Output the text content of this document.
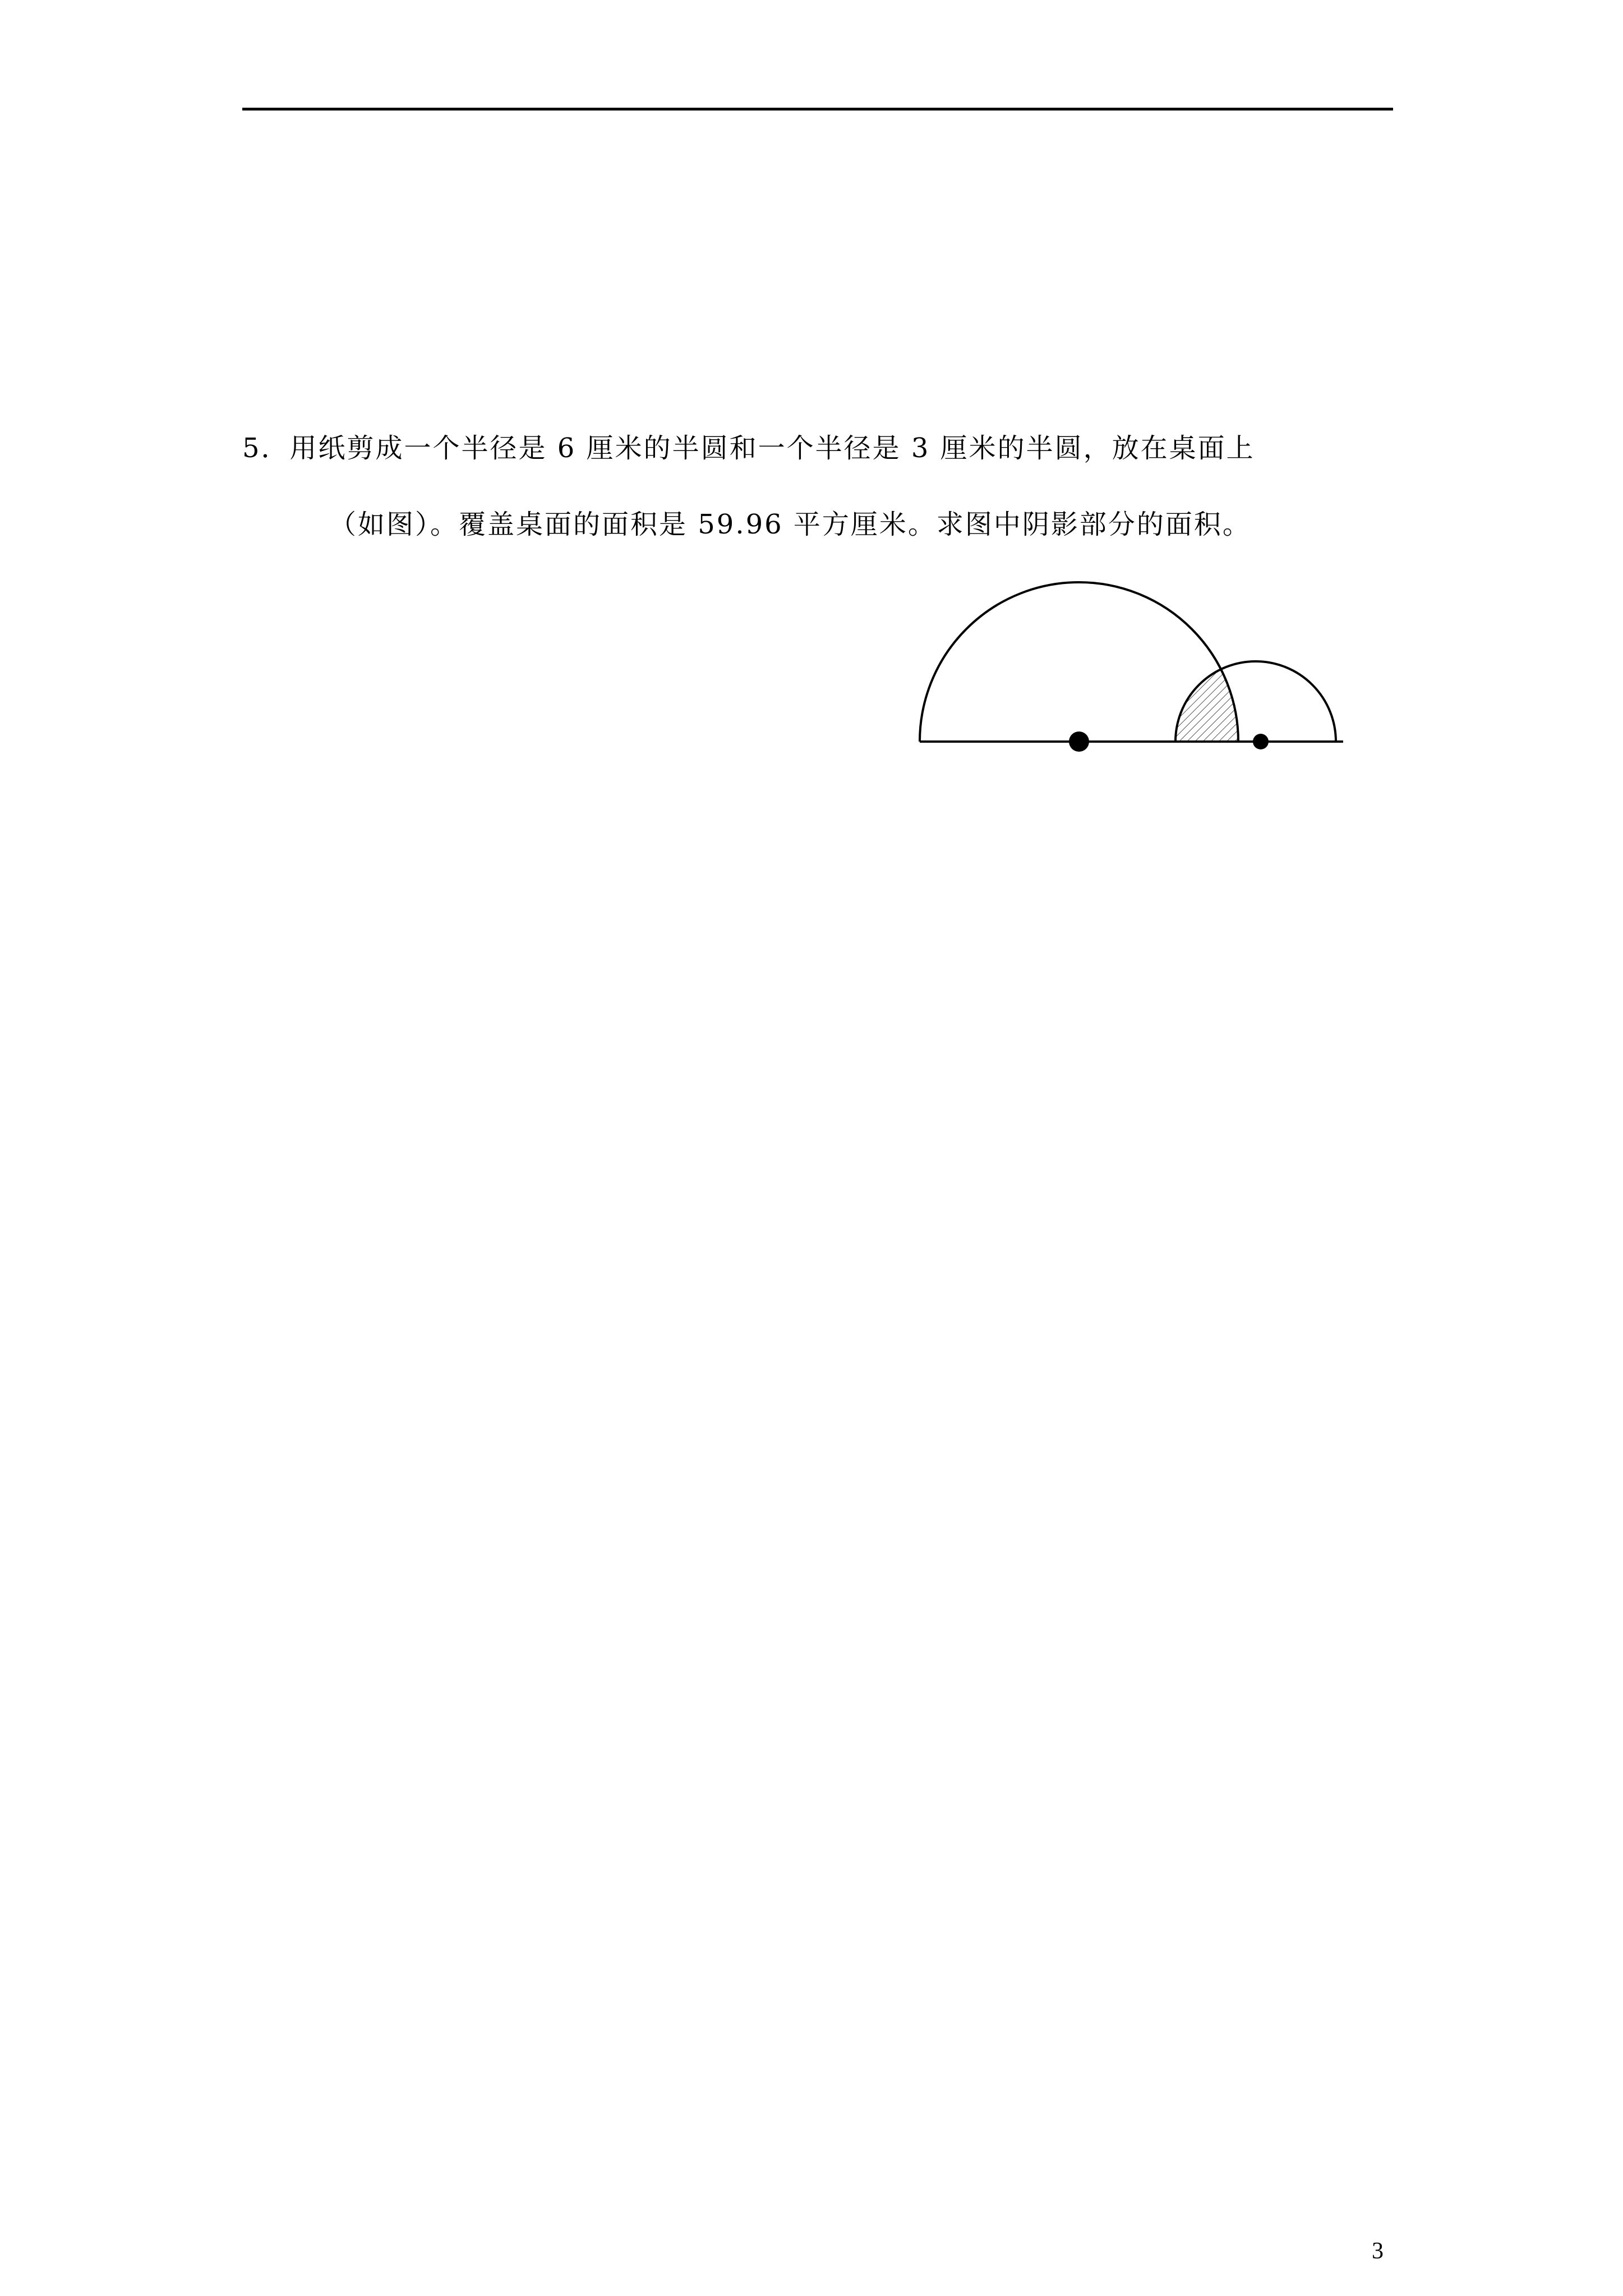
5．用纸剪成一个半径是 6 厘米的半圆和一个半径是 3 厘米的半圆，放在桌面上
（如图）。覆盖桌面的面积是 59.96 平方厘米。求图中阴影部分的面积。
3
